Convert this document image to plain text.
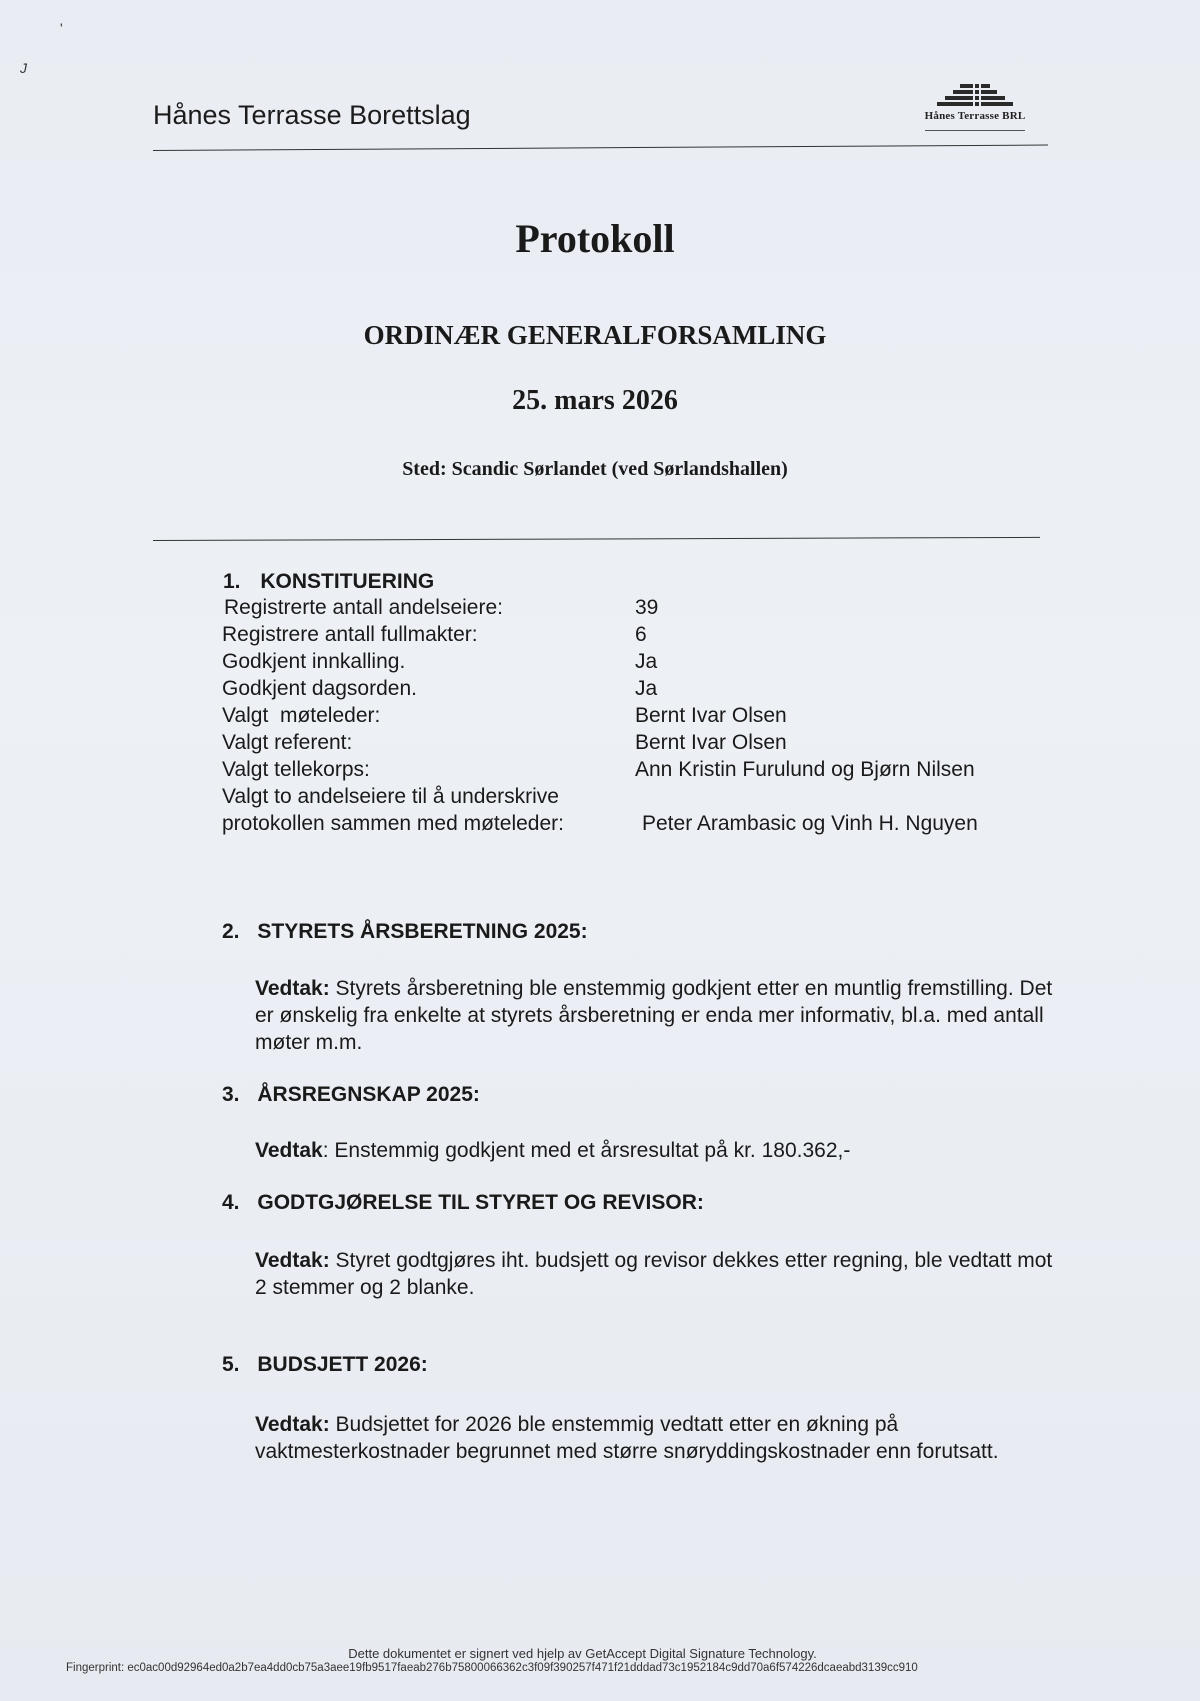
'
J
Hånes Terrasse Borettslag	Hånes Terrasse BRL
Protokoll
ORDINÆR GENERALFORSAMLING
25. mars 2026
Sted: Scandic Sørlandet (ved Sørlandshallen)
1. KONSTITUERING
Registrerte antall andelseiere:	39
Registrere antall fullmakter:	6
Godkjent innkalling.	Ja
Godkjent dagsorden.	Ja
Valgt  møteleder:	Bernt Ivar Olsen
Valgt referent:	Bernt Ivar Olsen
Valgt tellekorps:	Ann Kristin Furulund og Bjørn Nilsen
Valgt to andelseiere til å underskrive
protokollen sammen med møteleder:	Peter Arambasic og Vinh H. Nguyen
2. STYRETS ÅRSBERETNING 2025:
Vedtak: Styrets årsberetning ble enstemmig godkjent etter en muntlig fremstilling. Det er ønskelig fra enkelte at styrets årsberetning er enda mer informativ, bl.a. med antall møter m.m.
3. ÅRSREGNSKAP 2025:
Vedtak: Enstemmig godkjent med et årsresultat på kr. 180.362,-
4. GODTGJØRELSE TIL STYRET OG REVISOR:
Vedtak: Styret godtgjøres iht. budsjett og revisor dekkes etter regning, ble vedtatt mot 2 stemmer og 2 blanke.
5. BUDSJETT 2026:
Vedtak: Budsjettet for 2026 ble enstemmig vedtatt etter en økning på vaktmesterkostnader begrunnet med større snøryddingskostnader enn forutsatt.
Dette dokumentet er signert ved hjelp av GetAccept Digital Signature Technology.
Fingerprint: ec0ac00d92964ed0a2b7ea4dd0cb75a3aee19fb9517faeab276b75800066362c3f09f390257f471f21dddad73c1952184c9dd70a6f574226dcaeabd3139cc910
